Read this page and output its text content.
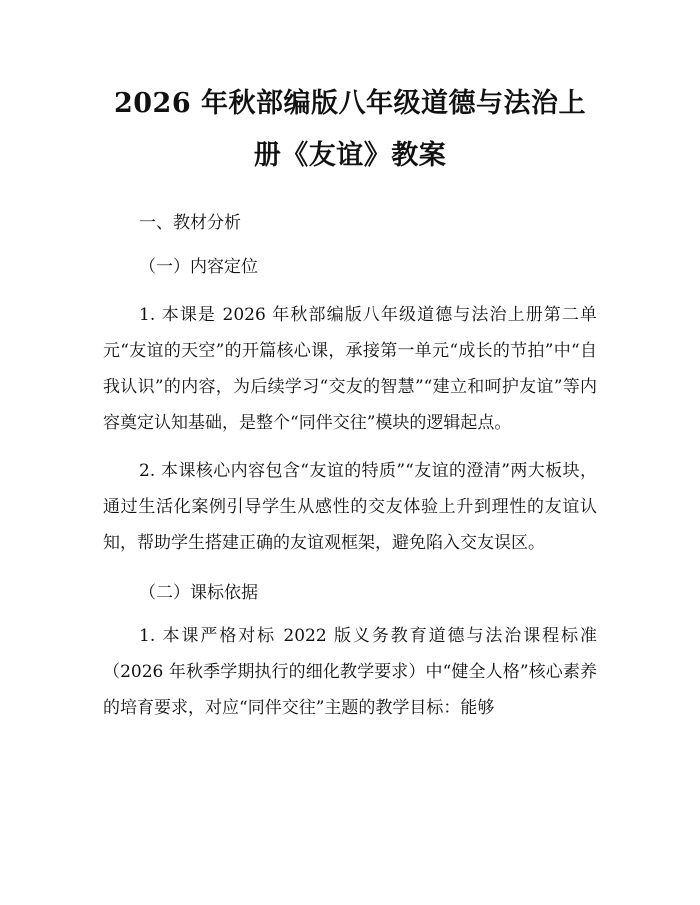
2026 年秋部编版八年级道德与法治上册《友谊》教案

一、教材分析

（一）内容定位

1. 本课是 2026 年秋部编版八年级道德与法治上册第二单元“友谊的天空”的开篇核心课，承接第一单元“成长的节拍”中“自我认识”的内容，为后续学习“交友的智慧”“建立和呵护友谊”等内容奠定认知基础，是整个“同伴交往”模块的逻辑起点。

2. 本课核心内容包含“友谊的特质”“友谊的澄清”两大板块，通过生活化案例引导学生从感性的交友体验上升到理性的友谊认知，帮助学生搭建正确的友谊观框架，避免陷入交友误区。

（二）课标依据

1. 本课严格对标 2022 版义务教育道德与法治课程标准（2026 年秋季学期执行的细化教学要求）中“健全人格”核心素养的培育要求，对应“同伴交往”主题的教学目标：能够
